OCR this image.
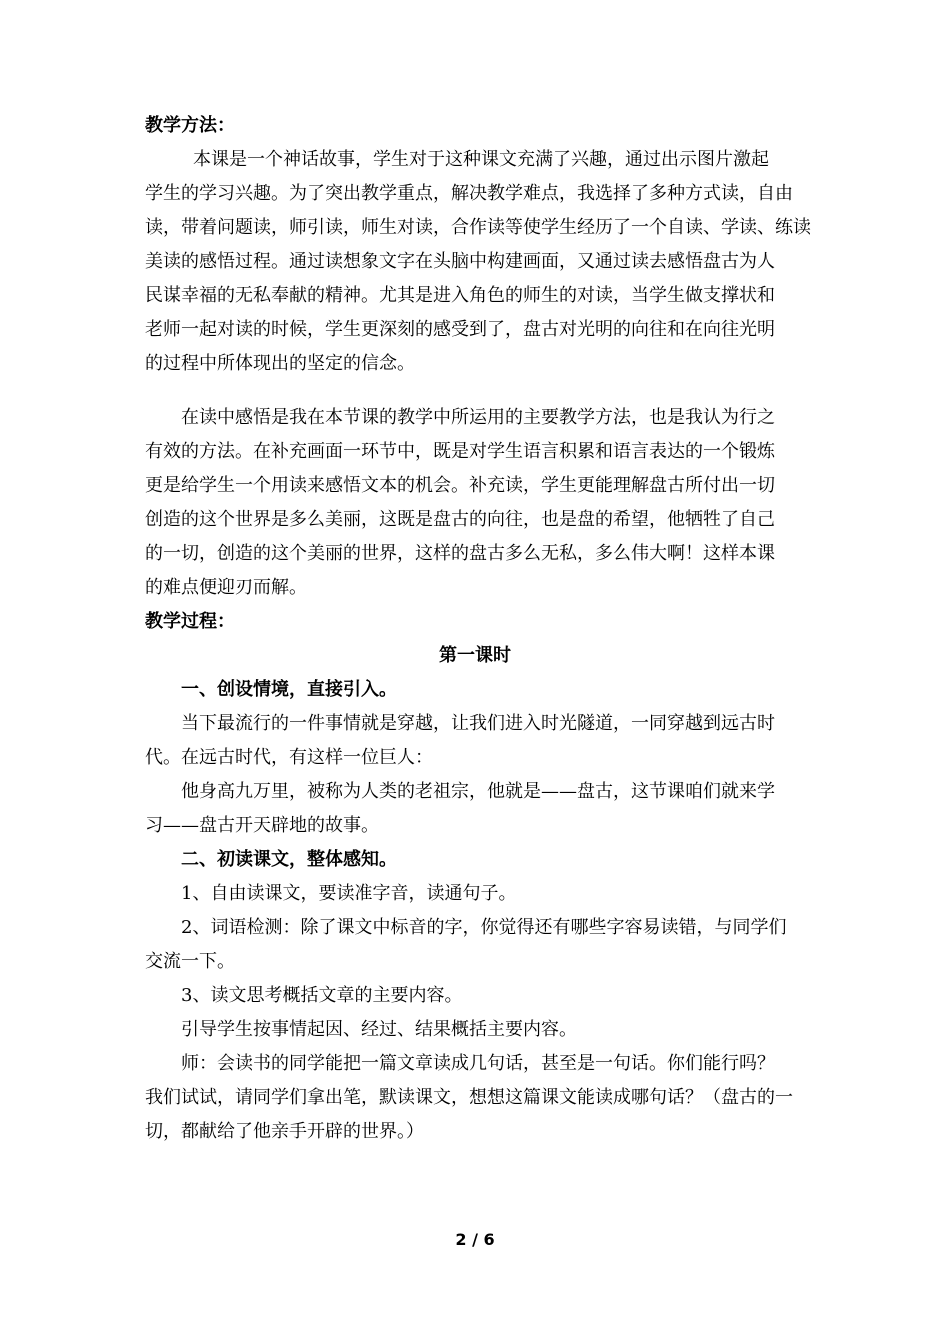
教学方法：
本课是一个神话故事，学生对于这种课文充满了兴趣，通过出示图片激起
学生的学习兴趣。为了突出教学重点，解决教学难点，我选择了多种方式读，自由
读，带着问题读，师引读，师生对读，合作读等使学生经历了一个自读、学读、练读
美读的感悟过程。通过读想象文字在头脑中构建画面，又通过读去感悟盘古为人
民谋幸福的无私奉献的精神。尤其是进入角色的师生的对读，当学生做支撑状和
老师一起对读的时候，学生更深刻的感受到了，盘古对光明的向往和在向往光明
的过程中所体现出的坚定的信念。
在读中感悟是我在本节课的教学中所运用的主要教学方法，也是我认为行之
有效的方法。在补充画面一环节中，既是对学生语言积累和语言表达的一个锻炼
更是给学生一个用读来感悟文本的机会。补充读，学生更能理解盘古所付出一切
创造的这个世界是多么美丽，这既是盘古的向往，也是盘的希望，他牺牲了自己
的一切，创造的这个美丽的世界，这样的盘古多么无私，多么伟大啊！这样本课
的难点便迎刃而解。
教学过程：
第一课时
一、创设情境，直接引入。
当下最流行的一件事情就是穿越，让我们进入时光隧道，一同穿越到远古时
代。在远古时代，有这样一位巨人：
他身高九万里，被称为人类的老祖宗，他就是——盘古，这节课咱们就来学
习——盘古开天辟地的故事。
二、初读课文，整体感知。
1、自由读课文，要读准字音，读通句子。
2、词语检测：除了课文中标音的字，你觉得还有哪些字容易读错，与同学们
交流一下。
3、读文思考概括文章的主要内容。
引导学生按事情起因、经过、结果概括主要内容。
师：会读书的同学能把一篇文章读成几句话，甚至是一句话。你们能行吗？
我们试试，请同学们拿出笔，默读课文，想想这篇课文能读成哪句话？（盘古的一
切，都献给了他亲手开辟的世界。）
2 / 6
